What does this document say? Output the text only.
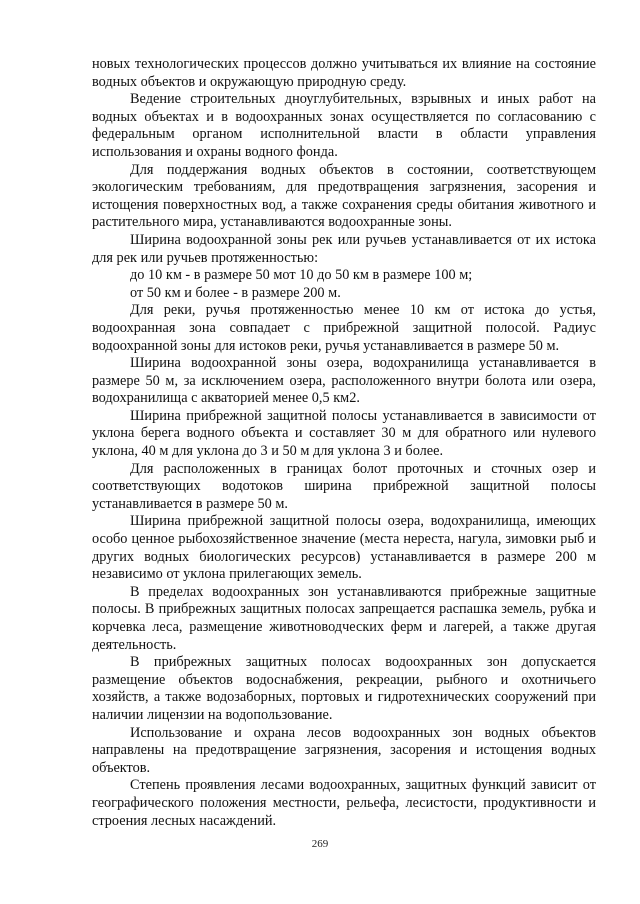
новых технологических процессов должно учитываться их влияние на состояние водных объектов и окружающую природную среду.

Ведение строительных дноуглубительных, взрывных и иных работ на водных объектах и в водоохранных зонах осуществляется по согласованию с федеральным органом исполнительной власти в области управления использования и охраны водного фонда.

Для поддержания водных объектов в состоянии, соответствующем экологическим требованиям, для предотвращения загрязнения, засорения и истощения поверхностных вод, а также сохранения среды обитания животного и растительного мира, устанавливаются водоохранные зоны.

Ширина водоохранной зоны рек или ручьев устанавливается от их истока для рек или ручьев протяженностью:

до 10 км - в размере 50 мот 10 до 50 км в размере 100 м;

от 50 км и более - в размере 200 м.

Для реки, ручья протяженностью менее 10 км от истока до устья, водоохранная зона совпадает с прибрежной защитной полосой. Радиус водоохранной зоны для истоков реки, ручья устанавливается в размере 50 м.

Ширина водоохранной зоны озера, водохранилища устанавливается в размере 50 м, за исключением озера, расположенного внутри болота или озера, водохранилища с акваторией менее 0,5 км2.

Ширина прибрежной защитной полосы устанавливается в зависимости от уклона берега водного объекта и составляет 30 м для обратного или нулевого уклона, 40 м для уклона до 3 и 50 м для уклона 3 и более.

Для расположенных в границах болот проточных и сточных озер и соответствующих водотоков ширина прибрежной защитной полосы устанавливается в размере 50 м.

Ширина прибрежной защитной полосы озера, водохранилища, имеющих особо ценное рыбохозяйственное значение (места нереста, нагула, зимовки рыб и других водных биологических ресурсов) устанавливается в размере 200 м независимо от уклона прилегающих земель.

В пределах водоохранных зон устанавливаются прибрежные защитные полосы. В прибрежных защитных полосах запрещается распашка земель, рубка и корчевка леса, размещение животноводческих ферм и лагерей, а также другая деятельность.

В прибрежных защитных полосах водоохранных зон допускается размещение объектов водоснабжения, рекреации, рыбного и охотничьего хозяйств, а также водозаборных, портовых и гидротехнических сооружений при наличии лицензии на водопользование.

Использование и охрана лесов водоохранных зон водных объектов направлены на предотвращение загрязнения, засорения и истощения водных объектов.

Степень проявления лесами водоохранных, защитных функций зависит от географического положения местности, рельефа, лесистости, продуктивности и строения лесных насаждений.

269
